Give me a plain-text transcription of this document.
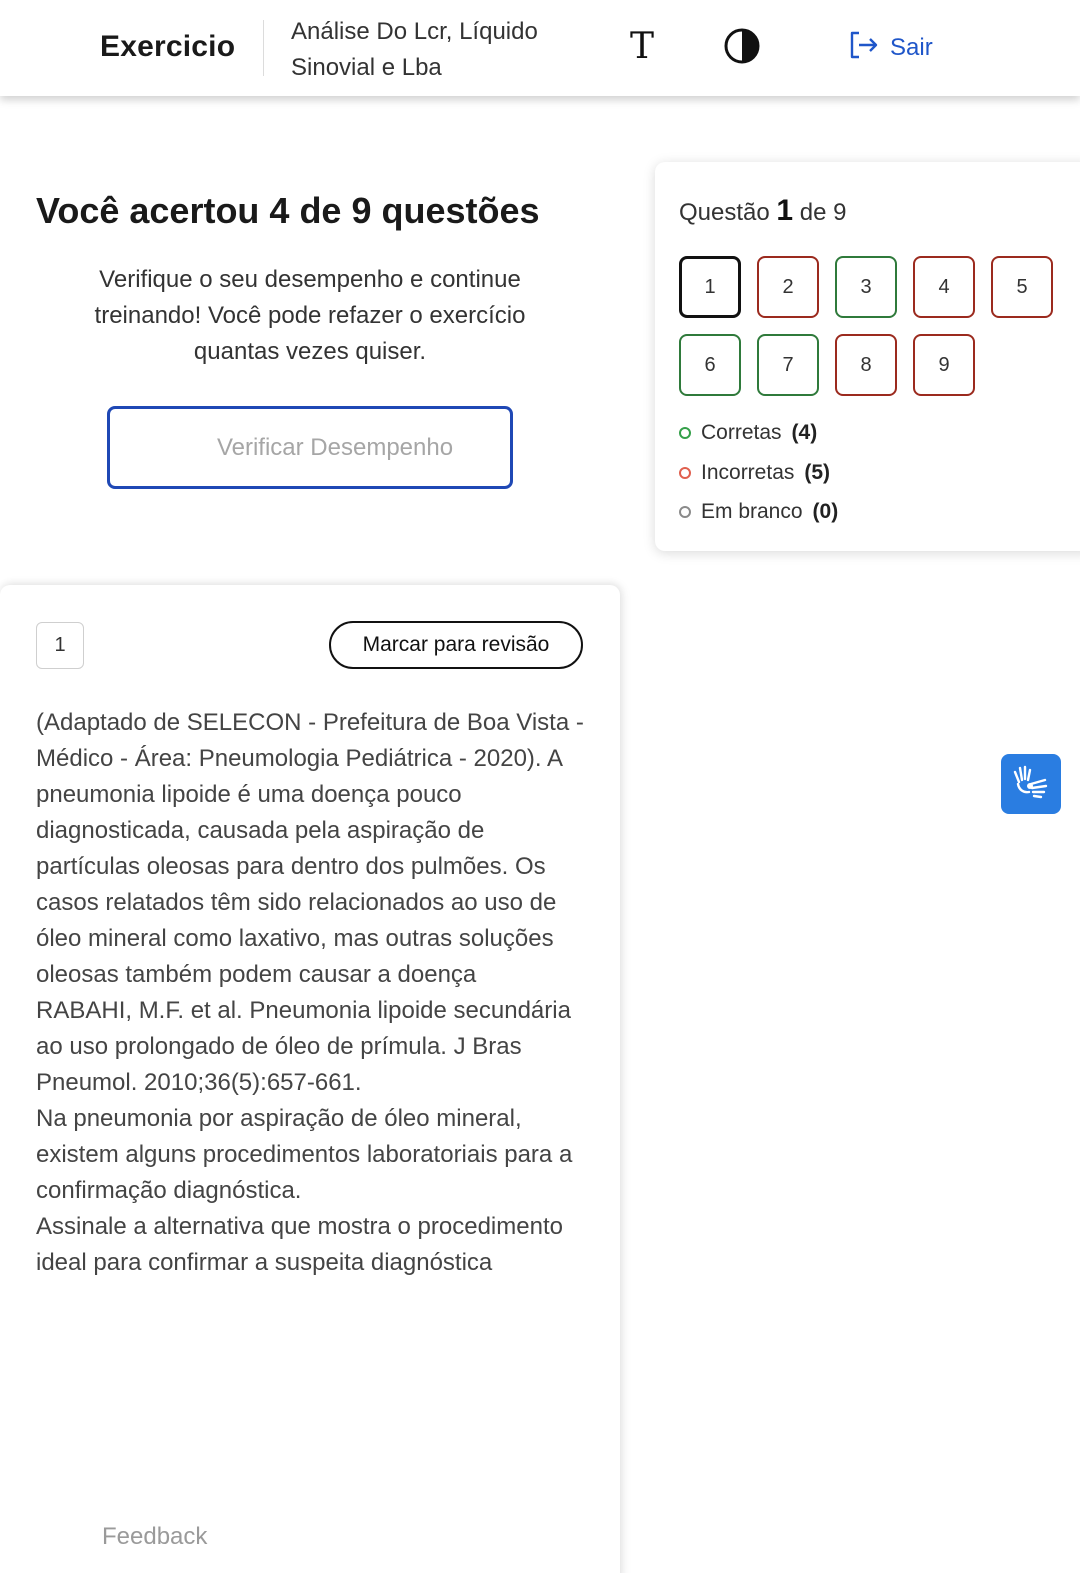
Exercicio Análise Do Lcr, Líquido Sinovial e Lba
T	Sair
Você acertou 4 de 9 questões
Verifique o seu desempenho e continue treinando! Você pode refazer o exercício quantas vezes quiser.
Verificar Desempenho
Questão 1 de 9
1	2	3	4	5
6	7	8	9
Corretas (4)
Incorretas (5)
Em branco (0)
1	Marcar para revisão

(Adaptado de SELECON - Prefeitura de Boa Vista - Médico - Área: Pneumologia Pediátrica - 2020). A pneumonia lipoide é uma doença pouco diagnosticada, causada pela aspiração de partículas oleosas para dentro dos pulmões. Os casos relatados têm sido relacionados ao uso de óleo mineral como laxativo, mas outras soluções oleosas também podem causar a doença

RABAHI, M.F. et al. Pneumonia lipoide secundária ao uso prolongado de óleo de prímula. J Bras Pneumol. 2010;36(5):657-661.

Na pneumonia por aspiração de óleo mineral, existem alguns procedimentos laboratoriais para a confirmação diagnóstica.

Assinale a alternativa que mostra o procedimento ideal para confirmar a suspeita diagnóstica

Feedback
